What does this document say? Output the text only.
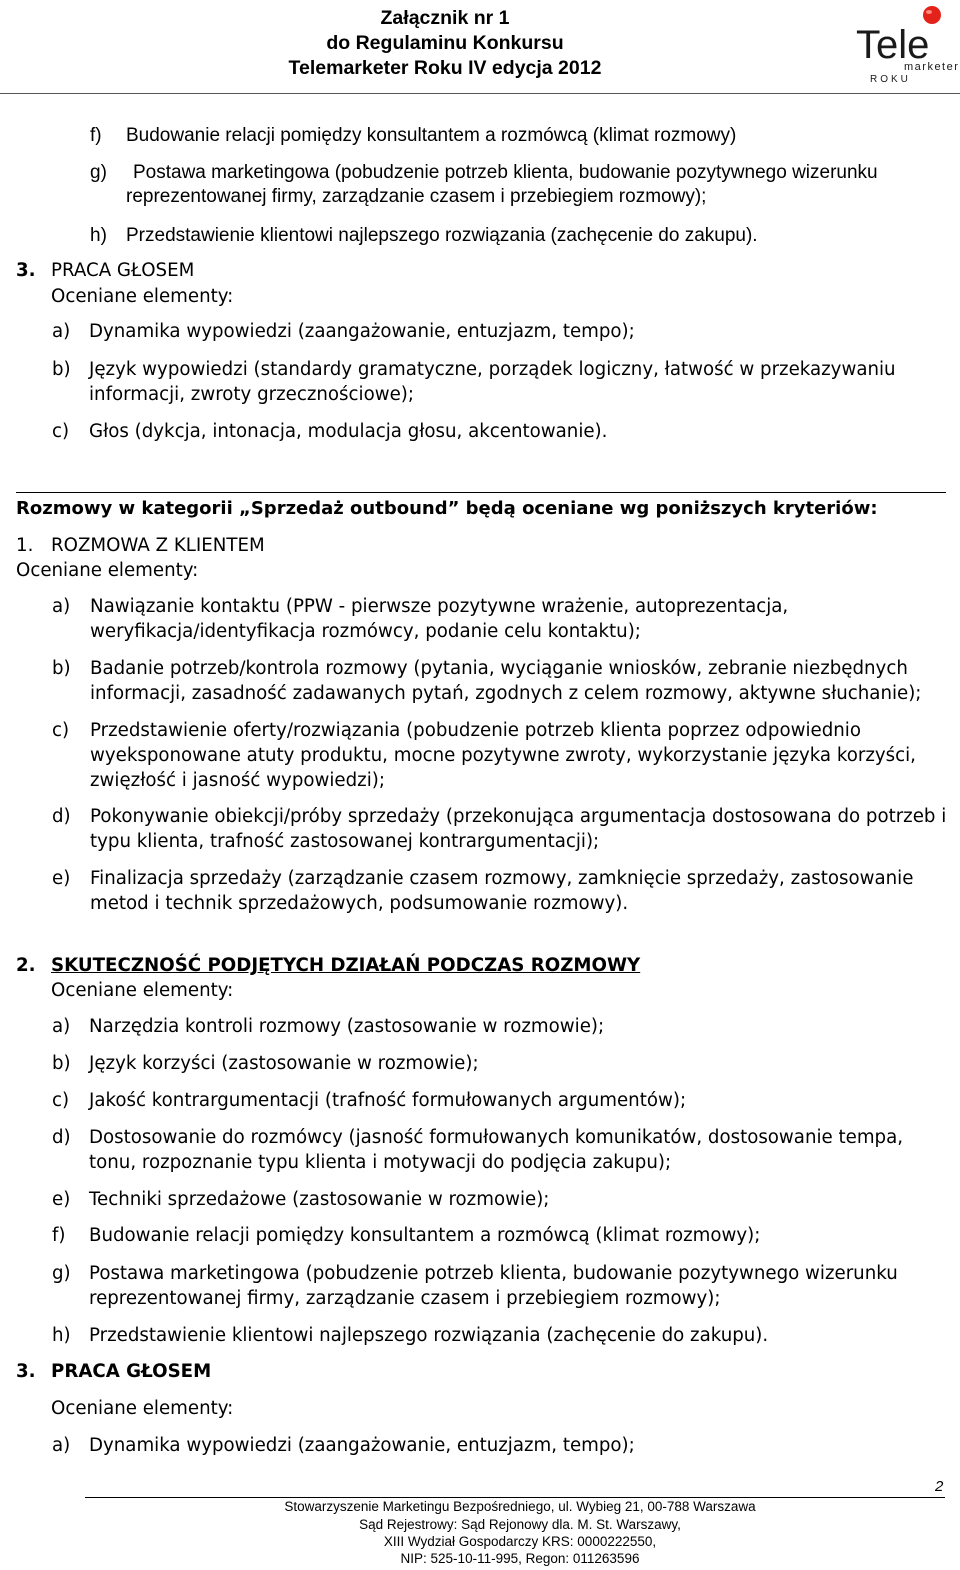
Załącznik nr 1
do Regulaminu Konkursu
Telemarketer Roku IV edycja 2012
Tele
marketer
ROKU
f) Budowanie relacji pomiędzy konsultantem a rozmówcą (klimat rozmowy)
g) Postawa marketingowa (pobudzenie potrzeb klienta, budowanie pozytywnego wizerunku
reprezentowanej firmy, zarządzanie czasem i przebiegiem rozmowy);
h) Przedstawienie klientowi najlepszego rozwiązania (zachęcenie do zakupu).
3. PRACA GŁOSEM
Oceniane elementy:
a) Dynamika wypowiedzi (zaangażowanie, entuzjazm, tempo);
b) Język wypowiedzi (standardy gramatyczne, porządek logiczny, łatwość w przekazywaniu
informacji, zwroty grzecznościowe);
c) Głos (dykcja, intonacja, modulacja głosu, akcentowanie).
Rozmowy w kategorii „Sprzedaż outbound” będą oceniane wg poniższych kryteriów:
1. ROZMOWA Z KLIENTEM
Oceniane elementy:
a) Nawiązanie kontaktu (PPW - pierwsze pozytywne wrażenie, autoprezentacja,
weryfikacja/identyfikacja rozmówcy, podanie celu kontaktu);
b) Badanie potrzeb/kontrola rozmowy (pytania, wyciąganie wniosków, zebranie niezbędnych
informacji, zasadność zadawanych pytań, zgodnych z celem rozmowy, aktywne słuchanie);
c) Przedstawienie oferty/rozwiązania (pobudzenie potrzeb klienta poprzez odpowiednio
wyeksponowane atuty produktu, mocne pozytywne zwroty, wykorzystanie języka korzyści,
zwięzłość i jasność wypowiedzi);
d) Pokonywanie obiekcji/próby sprzedaży (przekonująca argumentacja dostosowana do potrzeb i
typu klienta, trafność zastosowanej kontrargumentacji);
e) Finalizacja sprzedaży (zarządzanie czasem rozmowy, zamknięcie sprzedaży, zastosowanie
metod i technik sprzedażowych, podsumowanie rozmowy).
2. SKUTECZNOŚĆ PODJĘTYCH DZIAŁAŃ PODCZAS ROZMOWY
Oceniane elementy:
a) Narzędzia kontroli rozmowy (zastosowanie w rozmowie);
b) Język korzyści (zastosowanie w rozmowie);
c) Jakość kontrargumentacji (trafność formułowanych argumentów);
d) Dostosowanie do rozmówcy (jasność formułowanych komunikatów, dostosowanie tempa,
tonu, rozpoznanie typu klienta i motywacji do podjęcia zakupu);
e) Techniki sprzedażowe (zastosowanie w rozmowie);
f) Budowanie relacji pomiędzy konsultantem a rozmówcą (klimat rozmowy);
g) Postawa marketingowa (pobudzenie potrzeb klienta, budowanie pozytywnego wizerunku
reprezentowanej firmy, zarządzanie czasem i przebiegiem rozmowy);
h) Przedstawienie klientowi najlepszego rozwiązania (zachęcenie do zakupu).
3. PRACA GŁOSEM
Oceniane elementy:
a) Dynamika wypowiedzi (zaangażowanie, entuzjazm, tempo);
2
Stowarzyszenie Marketingu Bezpośredniego, ul. Wybieg 21, 00-788 Warszawa
Sąd Rejestrowy: Sąd Rejonowy dla. M. St. Warszawy,
XIII Wydział Gospodarczy KRS: 0000222550,
NIP: 525-10-11-995, Regon: 011263596
